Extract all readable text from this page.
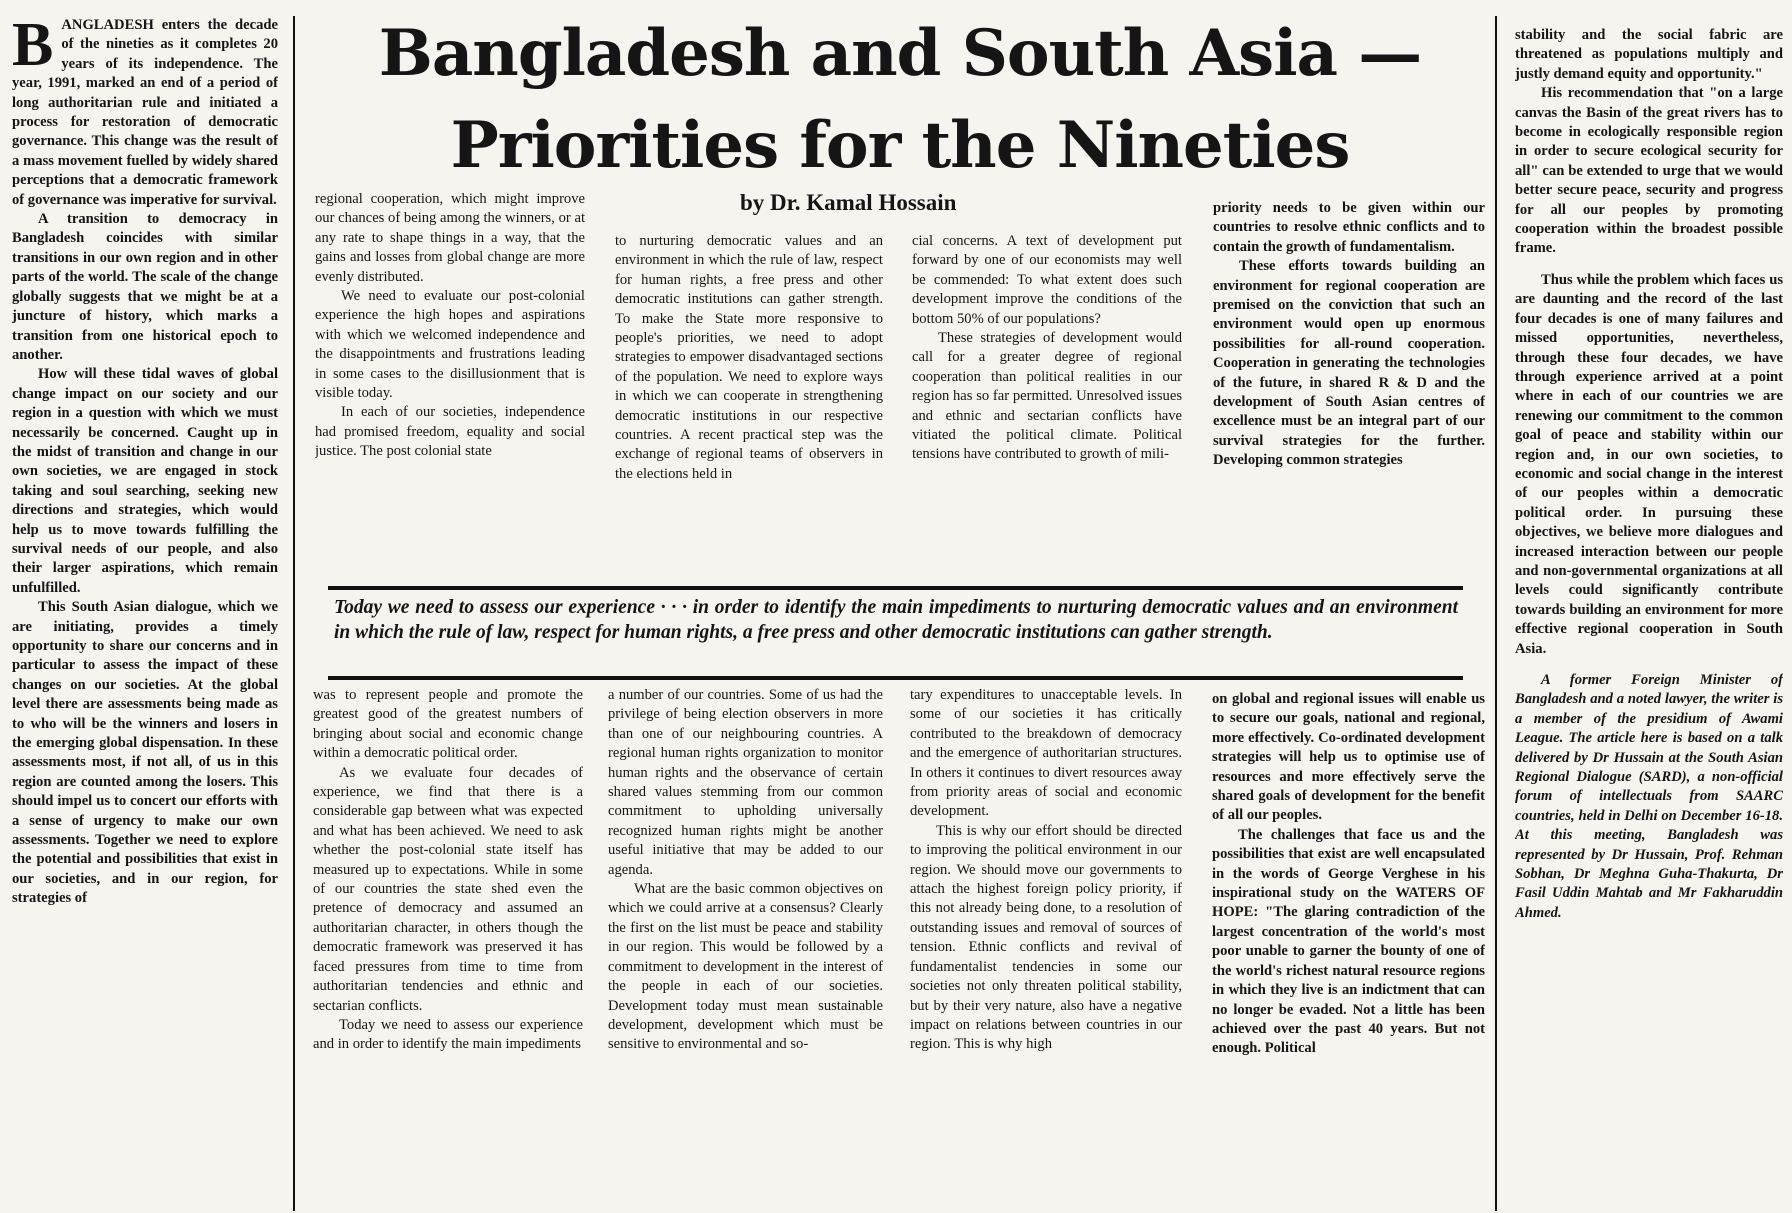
B ANGLADESH enters the decade of the nineties as it completes 20 years of its independence. The year, 1991, marked an end of a period of long authoritarian rule and initiated a process for restoration of democratic governance. This change was the result of a mass movement fuelled by widely shared perceptions that a democratic framework of governance was imperative for survival.

A transition to democracy in Bangladesh coincides with similar transitions in our own region and in other parts of the world. The scale of the change globally suggests that we might be at a juncture of history, which marks a transition from one historical epoch to another.

How will these tidal waves of global change impact on our society and our region in a question with which we must necessarily be concerned. Caught up in the midst of transition and change in our own societies, we are engaged in stock taking and soul searching, seeking new directions and strategies, which would help us to move towards fulfilling the survival needs of our people, and also their larger aspirations, which remain unfulfilled.

This South Asian dialogue, which we are initiating, provides a timely opportunity to share our concerns and in particular to assess the impact of these changes on our societies. At the global level there are assessments being made as to who will be the winners and losers in the emerging global dispensation. In these assessments most, if not all, of us in this region are counted among the losers. This should impel us to concert our efforts with a sense of urgency to make our own assessments. Together we need to explore the potential and possibilities that exist in our societies, and in our region, for strategies of

Bangladesh and South Asia —
Priorities for the Nineties
by Dr. Kamal Hossain

regional cooperation, which might improve our chances of being among the winners, or at any rate to shape things in a way, that the gains and losses from global change are more evenly distributed.

We need to evaluate our post-colonial experience the high hopes and aspirations with which we welcomed independence and the disappointments and frustrations leading in some cases to the disillusionment that is visible today.

In each of our societies, independence had promised freedom, equality and social justice. The post colonial state

to nurturing democratic values and an environment in which the rule of law, respect for human rights, a free press and other democratic institutions can gather strength. To make the State more responsive to people's priorities, we need to adopt strategies to empower disadvantaged sections of the population. We need to explore ways in which we can cooperate in strengthening democratic institutions in our respective countries. A recent practical step was the exchange of regional teams of observers in the elections held in

cial concerns. A text of development put forward by one of our economists may well be commended: To what extent does such development improve the conditions of the bottom 50% of our populations?

These strategies of development would call for a greater degree of regional cooperation than political realities in our region has so far permitted. Unresolved issues and ethnic and sectarian conflicts have vitiated the political climate. Political tensions have contributed to growth of mili-

priority needs to be given within our countries to resolve ethnic conflicts and to contain the growth of fundamentalism.

These efforts towards building an environment for regional cooperation are premised on the conviction that such an environment would open up enormous possibilities for all-round cooperation. Cooperation in generating the technologies of the future, in shared R & D and the development of South Asian centres of excellence must be an integral part of our survival strategies for the further. Developing common strategies

Today we need to assess our experience · · · in order to identify the main impediments to nurturing democratic values and an environment in which the rule of law, respect for human rights, a free press and other democratic institutions can gather strength.

was to represent people and promote the greatest good of the greatest numbers of bringing about social and economic change within a democratic political order.

As we evaluate four decades of experience, we find that there is a considerable gap between what was expected and what has been achieved. We need to ask whether the post-colonial state itself has measured up to expectations. While in some of our countries the state shed even the pretence of democracy and assumed an authoritarian character, in others though the democratic framework was preserved it has faced pressures from time to time from authoritarian tendencies and ethnic and sectarian conflicts.

Today we need to assess our experience and in order to identify the main impediments

a number of our countries. Some of us had the privilege of being election observers in more than one of our neighbouring countries. A regional human rights organization to monitor human rights and the observance of certain shared values stemming from our common commitment to upholding universally recognized human rights might be another useful initiative that may be added to our agenda.

What are the basic common objectives on which we could arrive at a consensus? Clearly the first on the list must be peace and stability in our region. This would be followed by a commitment to development in the interest of the people in each of our societies. Development today must mean sustainable development, development which must be sensitive to environmental and so-

tary expenditures to unacceptable levels. In some of our societies it has critically contributed to the breakdown of democracy and the emergence of authoritarian structures. In others it continues to divert resources away from priority areas of social and economic development.

This is why our effort should be directed to improving the political environment in our region. We should move our governments to attach the highest foreign policy priority, if this not already being done, to a resolution of outstanding issues and removal of sources of tension. Ethnic conflicts and revival of fundamentalist tendencies in some our societies not only threaten political stability, but by their very nature, also have a negative impact on relations between countries in our region. This is why high

on global and regional issues will enable us to secure our goals, national and regional, more effectively. Co-ordinated development strategies will help us to optimise use of resources and more effectively serve the shared goals of development for the benefit of all our peoples.

The challenges that face us and the possibilities that exist are well encapsulated in the words of George Verghese in his inspirational study on the WATERS OF HOPE: "The glaring contradiction of the largest concentration of the world's most poor unable to garner the bounty of one of the world's richest natural resource regions in which they live is an indictment that can no longer be evaded. Not a little has been achieved over the past 40 years. But not enough. Political

stability and the social fabric are threatened as populations multiply and justly demand equity and opportunity."

His recommendation that "on a large canvas the Basin of the great rivers has to become in ecologically responsible region in order to secure ecological security for all" can be extended to urge that we would better secure peace, security and progress for all our peoples by promoting cooperation within the broadest possible frame.

Thus while the problem which faces us are daunting and the record of the last four decades is one of many failures and missed opportunities, nevertheless, through these four decades, we have through experience arrived at a point where in each of our countries we are renewing our commitment to the common goal of peace and stability within our region and, in our own societies, to economic and social change in the interest of our peoples within a democratic political order. In pursuing these objectives, we believe more dialogues and increased interaction between our people and non-governmental organizations at all levels could significantly contribute towards building an environment for more effective regional cooperation in South Asia.

A former Foreign Minister of Bangladesh and a noted lawyer, the writer is a member of the presidium of Awami League. The article here is based on a talk delivered by Dr Hussain at the South Asian Regional Dialogue (SARD), a non-official forum of intellectuals from SAARC countries, held in Delhi on December 16-18. At this meeting, Bangladesh was represented by Dr Hussain, Prof. Rehman Sobhan, Dr Meghna Guha-Thakurta, Dr Fasil Uddin Mahtab and Mr Fakharuddin Ahmed.
